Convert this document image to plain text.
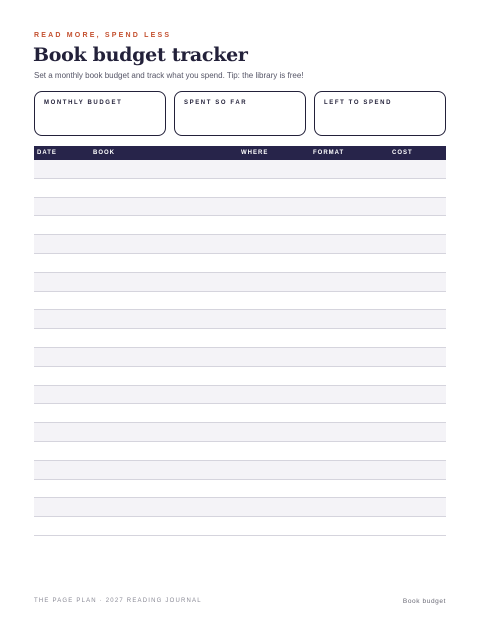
READ MORE, SPEND LESS
Book budget tracker
Set a monthly book budget and track what you spend. Tip: the library is free!
MONTHLY BUDGET	SPENT SO FAR	LEFT TO SPEND
DATE	BOOK	WHERE	FORMAT	COST
THE PAGE PLAN · 2027 READING JOURNAL	Book budget
